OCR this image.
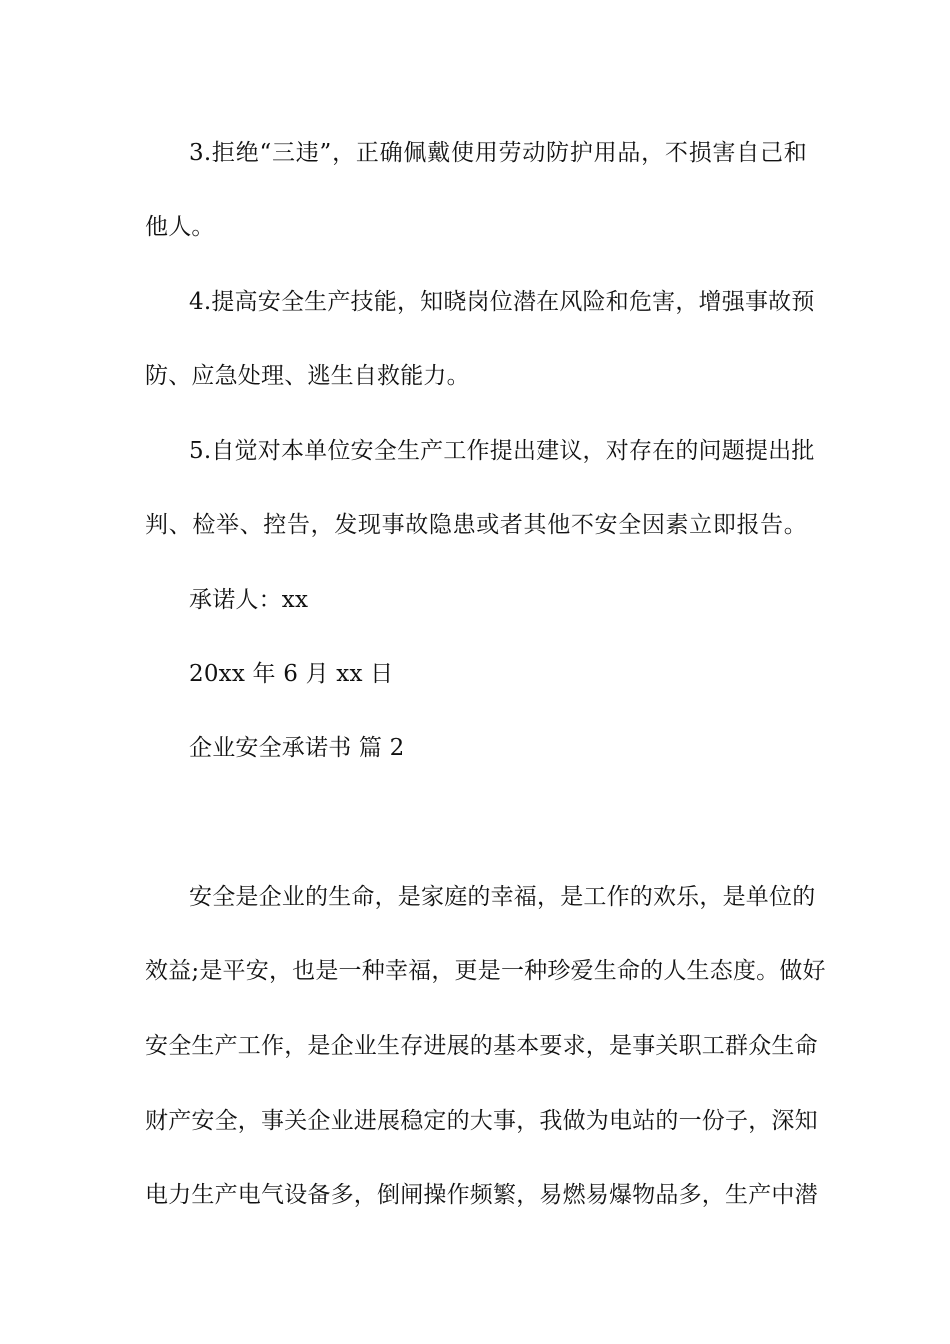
3.拒绝“三违”，正确佩戴使用劳动防护用品，不损害自己和
他人。
4.提高安全生产技能，知晓岗位潜在风险和危害，增强事故预
防、应急处理、逃生自救能力。
5.自觉对本单位安全生产工作提出建议，对存在的问题提出批
判、检举、控告，发现事故隐患或者其他不安全因素立即报告。
承诺人：xx
20xx 年 6 月 xx 日
企业安全承诺书 篇 2
安全是企业的生命，是家庭的幸福，是工作的欢乐，是单位的
效益;是平安，也是一种幸福，更是一种珍爱生命的人生态度。做好
安全生产工作，是企业生存进展的基本要求，是事关职工群众生命
财产安全，事关企业进展稳定的大事，我做为电站的一份子，深知
电力生产电气设备多，倒闸操作频繁，易燃易爆物品多，生产中潜
